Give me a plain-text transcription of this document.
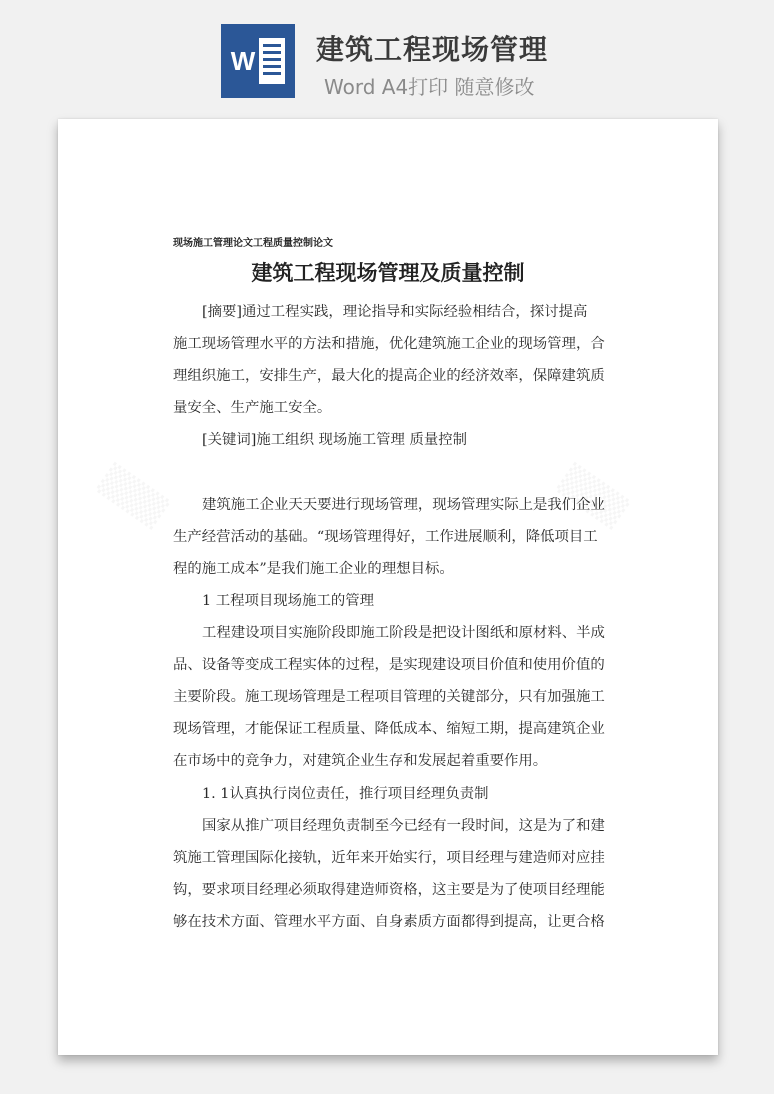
W 建筑工程现场管理
Word A4打印 随意修改
现场施工管理论文工程质量控制论文
建筑工程现场管理及质量控制
[摘要]通过工程实践，理论指导和实际经验相结合，探讨提高
施工现场管理水平的方法和措施，优化建筑施工企业的现场管理，合
理组织施工，安排生产，最大化的提高企业的经济效率，保障建筑质
量安全、生产施工安全。
[关键词]施工组织 现场施工管理 质量控制
建筑施工企业天天要进行现场管理，现场管理实际上是我们企业
生产经营活动的基础。“现场管理得好，工作进展顺利，降低项目工
程的施工成本”是我们施工企业的理想目标。
1 工程项目现场施工的管理
工程建设项目实施阶段即施工阶段是把设计图纸和原材料、半成
品、设备等变成工程实体的过程，是实现建设项目价值和使用价值的
主要阶段。施工现场管理是工程项目管理的关键部分，只有加强施工
现场管理，才能保证工程质量、降低成本、缩短工期，提高建筑企业
在市场中的竞争力，对建筑企业生存和发展起着重要作用。
1. 1认真执行岗位责任，推行项目经理负责制
国家从推广项目经理负责制至今已经有一段时间，这是为了和建
筑施工管理国际化接轨，近年来开始实行，项目经理与建造师对应挂
钩，要求项目经理必须取得建造师资格，这主要是为了使项目经理能
够在技术方面、管理水平方面、自身素质方面都得到提高，让更合格
